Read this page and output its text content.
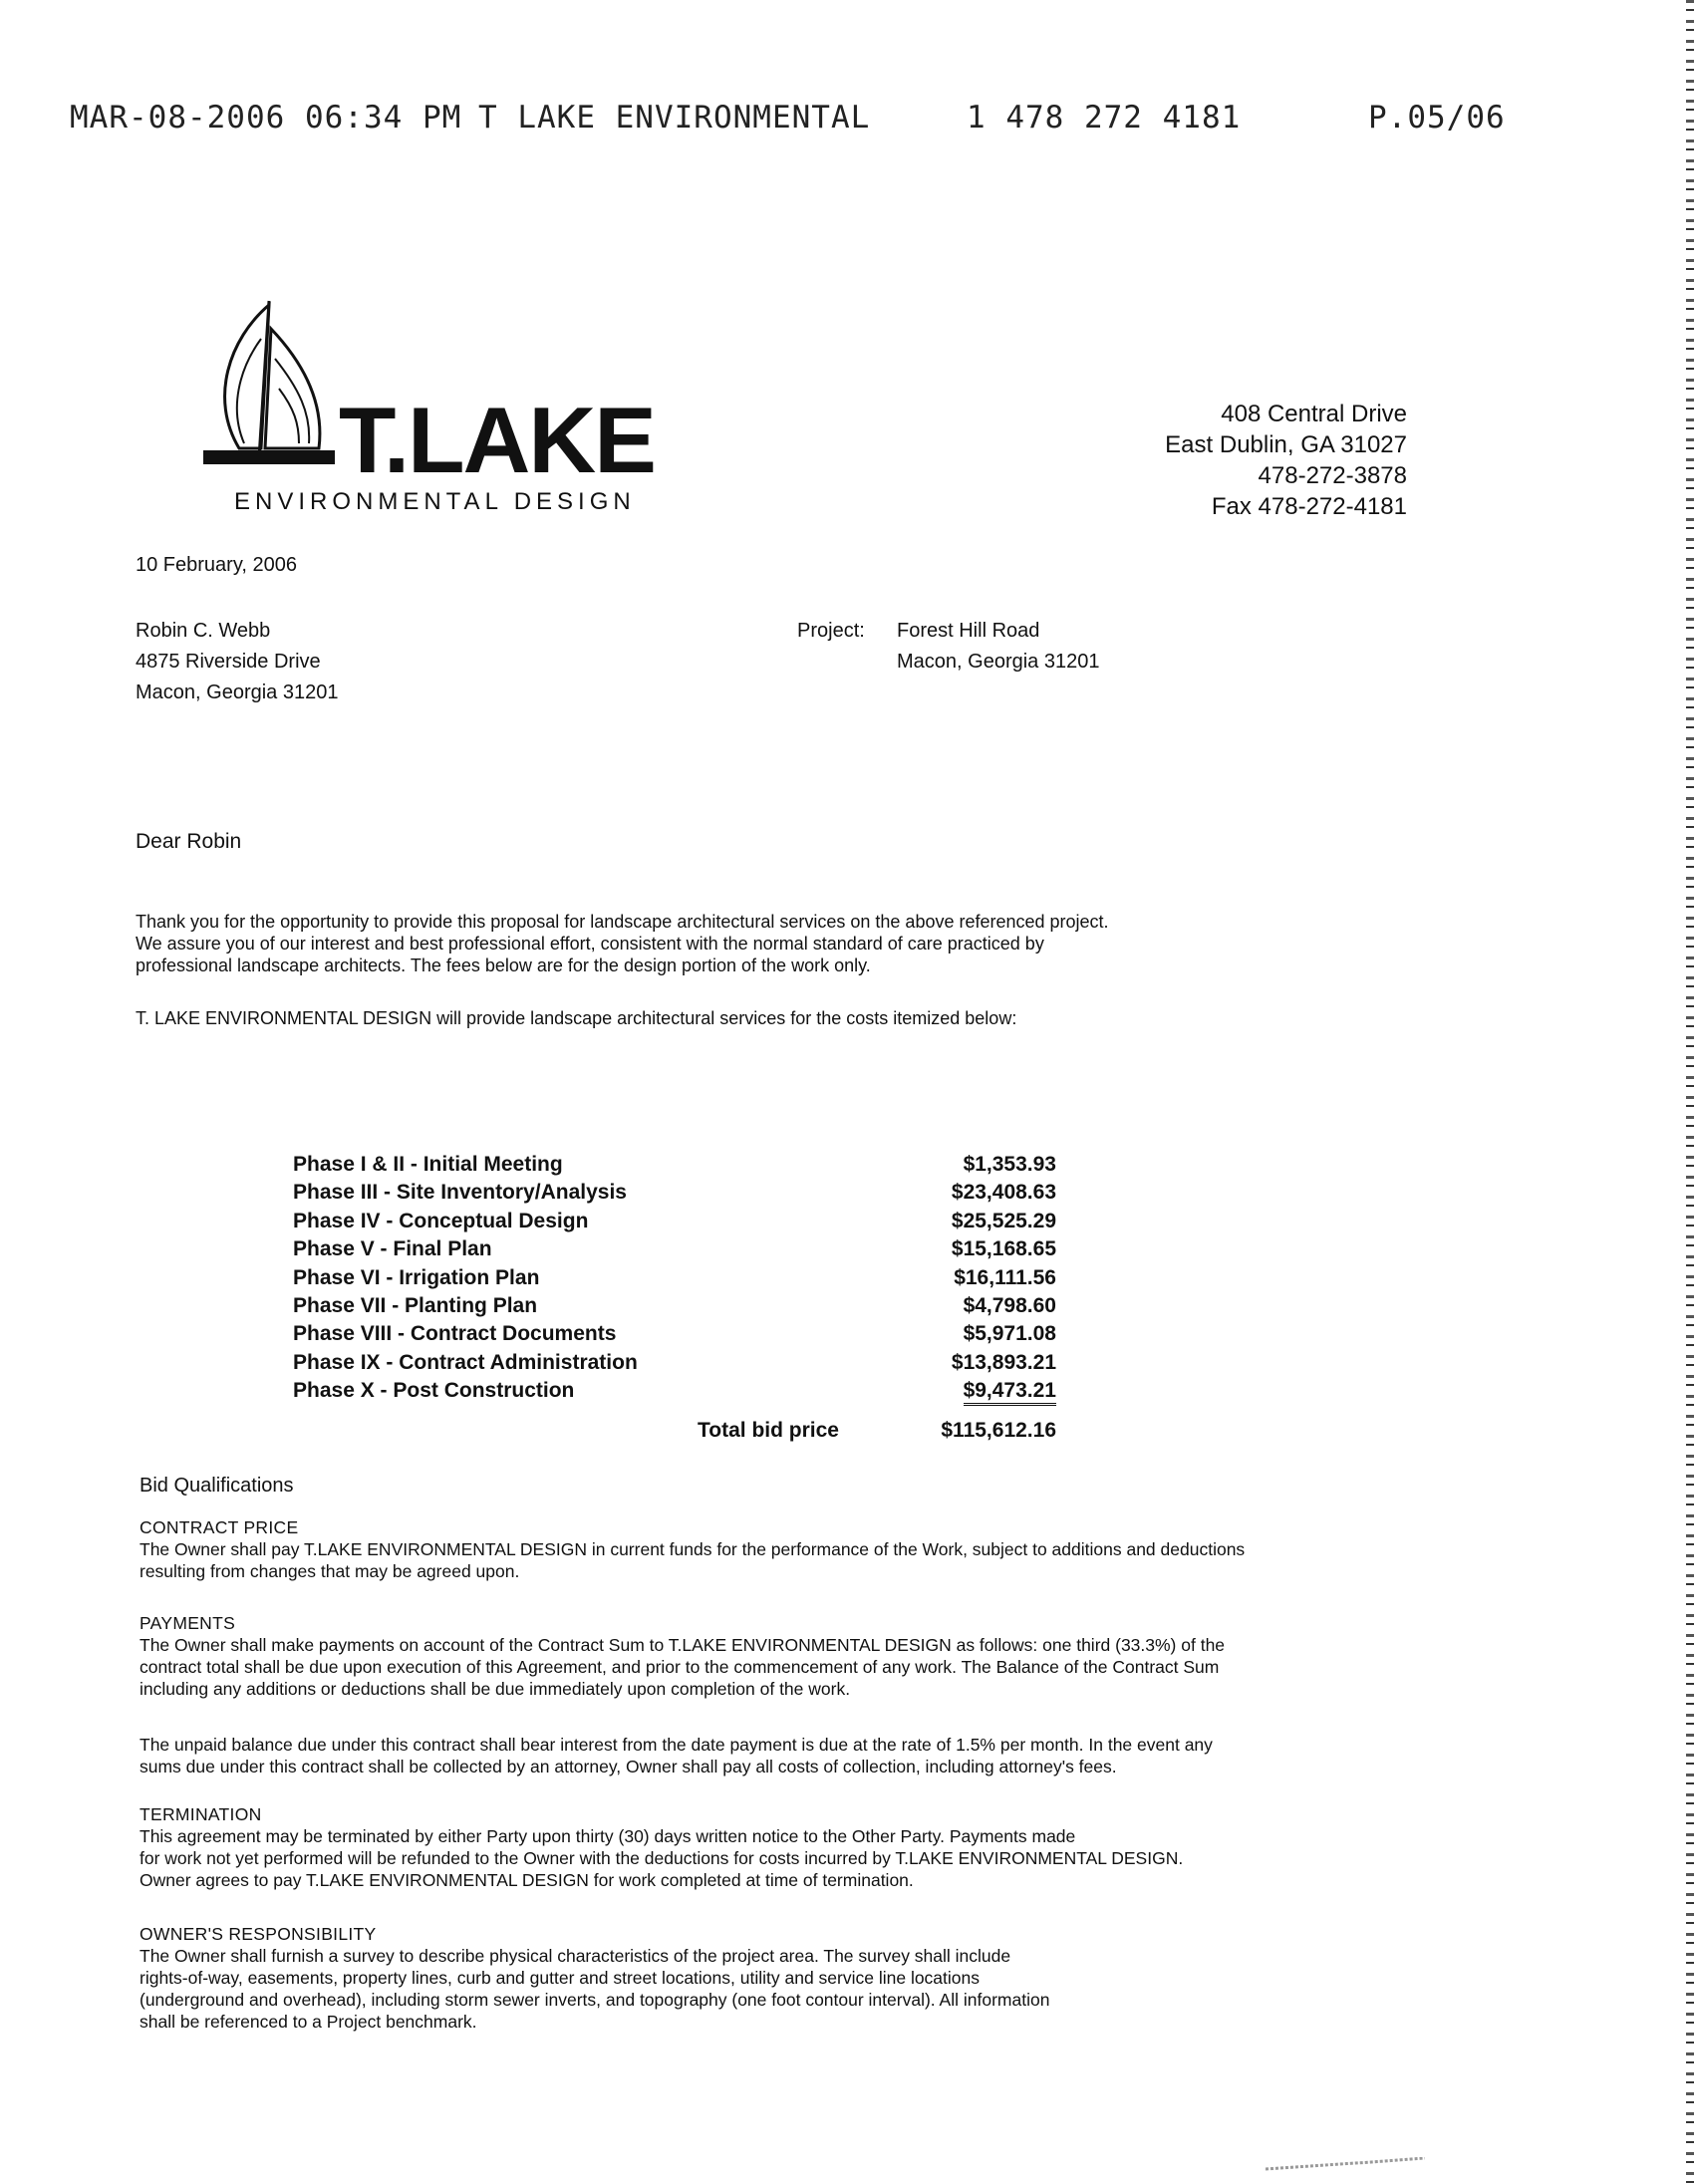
MAR-08-2006 06:34 PM T LAKE ENVIRONMENTAL	1 478 272 4181	P.05/06
T.LAKE
ENVIRONMENTAL DESIGN
408 Central Drive
East Dublin, GA 31027
478-272-3878
Fax 478-272-4181
10 February, 2006
Robin C. Webb
4875 Riverside Drive
Macon, Georgia 31201
Project: Forest Hill Road
Macon, Georgia 31201
Dear Robin
Thank you for the opportunity to provide this proposal for landscape architectural services on the above referenced project.
We assure you of our interest and best professional effort, consistent with the normal standard of care practiced by
professional landscape architects. The fees below are for the design portion of the work only.
T. LAKE ENVIRONMENTAL DESIGN will provide landscape architectural services for the costs itemized below:
Phase I & II - Initial Meeting	$1,353.93
Phase III - Site Inventory/Analysis	$23,408.63
Phase IV - Conceptual Design	$25,525.29
Phase V - Final Plan	$15,168.65
Phase VI - Irrigation Plan	$16,111.56
Phase VII - Planting Plan	$4,798.60
Phase VIII - Contract Documents	$5,971.08
Phase IX - Contract Administration	$13,893.21
Phase X - Post Construction	$9,473.21
Total bid price	$115,612.16
Bid Qualifications
CONTRACT PRICE

The Owner shall pay T.LAKE ENVIRONMENTAL DESIGN in current funds for the performance of the Work, subject to additions and deductions

resulting from changes that may be agreed upon.

PAYMENTS

The Owner shall make payments on account of the Contract Sum to T.LAKE ENVIRONMENTAL DESIGN as follows: one third (33.3%) of the

contract total shall be due upon execution of this Agreement, and prior to the commencement of any work. The Balance of the Contract Sum

including any additions or deductions shall be due immediately upon completion of the work.

The unpaid balance due under this contract shall bear interest from the date payment is due at the rate of 1.5% per month. In the event any

sums due under this contract shall be collected by an attorney, Owner shall pay all costs of collection, including attorney's fees.

TERMINATION

This agreement may be terminated by either Party upon thirty (30) days written notice to the Other Party. Payments made

for work not yet performed will be refunded to the Owner with the deductions for costs incurred by T.LAKE ENVIRONMENTAL DESIGN.

Owner agrees to pay T.LAKE ENVIRONMENTAL DESIGN for work completed at time of termination.

OWNER'S RESPONSIBILITY

The Owner shall furnish a survey to describe physical characteristics of the project area. The survey shall include

rights-of-way, easements, property lines, curb and gutter and street locations, utility and service line locations

(underground and overhead), including storm sewer inverts, and topography (one foot contour interval). All information

shall be referenced to a Project benchmark.
